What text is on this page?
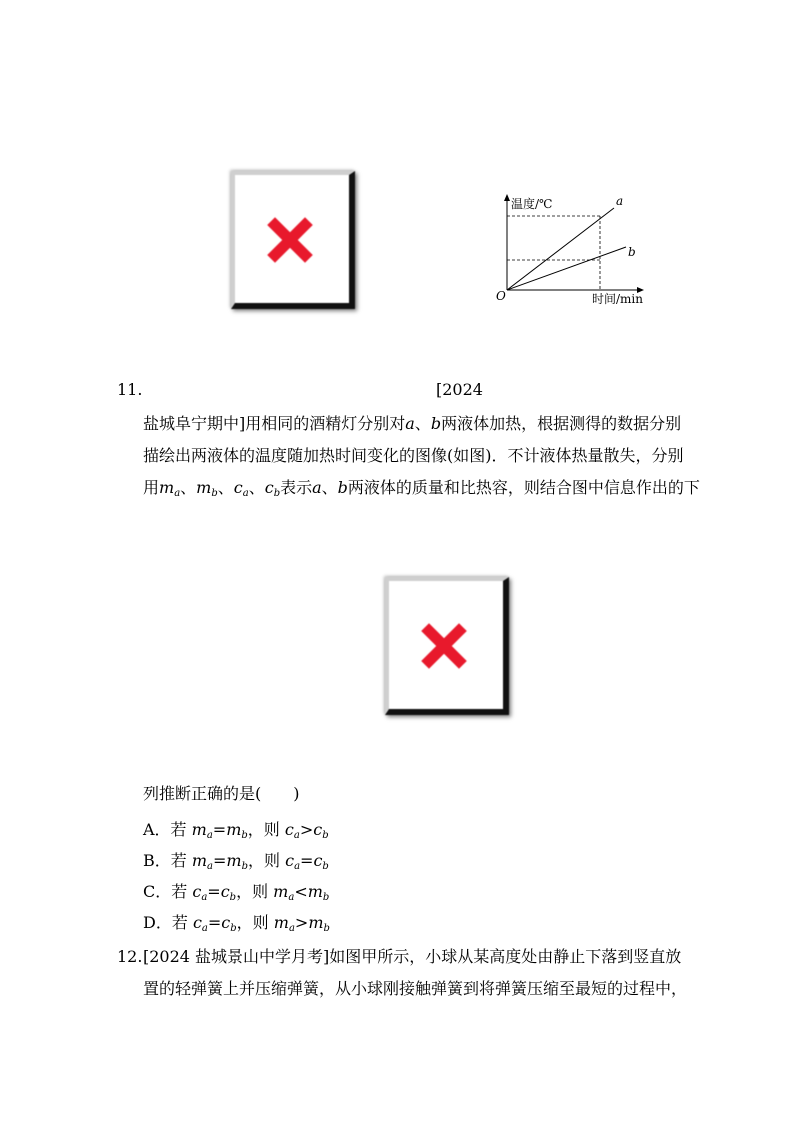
温度/℃
时间/min
O
a
b
11.	[2024
盐城阜宁期中]用相同的酒精灯分别对a、b两液体加热，根据测得的数据分别
描绘出两液体的温度随加热时间变化的图像(如图)．不计液体热量散失，分别
用$m_a$、$m_b$、$c_a$、$c_b$表示a、b两液体的质量和比热容，则结合图中信息作出的下
列推断正确的是(　　)
A．若 $m_a=m_b$，则 $c_a>c_b$
B．若 $m_a=m_b$，则 $c_a=c_b$
C．若 $c_a=c_b$，则 $m_a<m_b$
D．若 $c_a=c_b$，则 $m_a>m_b$
12. [2024 盐城景山中学月考]如图甲所示，小球从某高度处由静止下落到竖直放
置的轻弹簧上并压缩弹簧，从小球刚接触弹簧到将弹簧压缩至最短的过程中，
